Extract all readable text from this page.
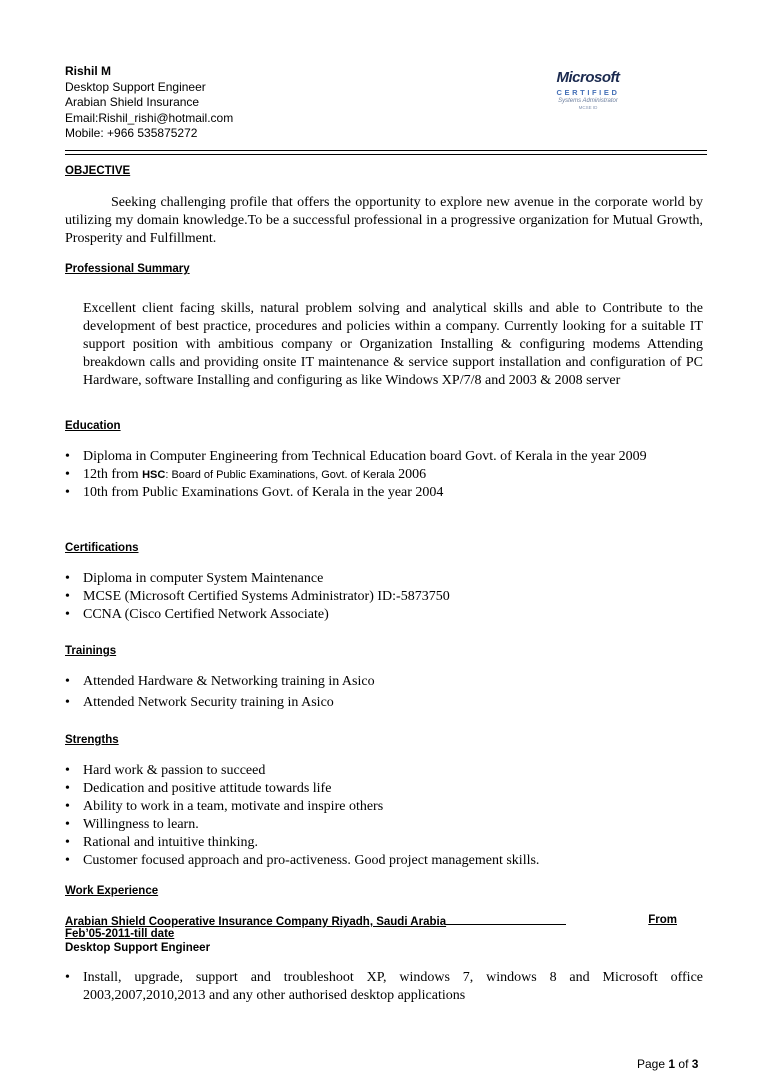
Rishil M
Desktop Support Engineer
Arabian Shield Insurance
Email:Rishil_rishi@hotmail.com
Mobile: +966 535875272
Microsoft
CERTIFIED
Systems Administrator
MCSE ID
OBJECTIVE
Seeking challenging profile that offers the opportunity to explore new avenue in the corporate world by utilizing my domain knowledge.To be a successful professional in a progressive organization for Mutual Growth, Prosperity and Fulfillment.
Professional Summary
Excellent client facing skills, natural problem solving and analytical skills and able to Contribute to the development of best practice, procedures and policies within a company. Currently looking for a suitable IT support position with ambitious company or Organization Installing & configuring modems Attending breakdown calls and providing onsite IT maintenance & service support installation and configuration of PC Hardware, software Installing and configuring as like Windows XP/7/8 and 2003 & 2008 server
Education
• Diploma in Computer Engineering from Technical Education board Govt. of Kerala in the year 2009
• 12th from HSC: Board of Public Examinations, Govt. of Kerala 2006
• 10th from Public Examinations Govt. of Kerala in the year 2004
Certifications
• Diploma in computer System Maintenance
• MCSE (Microsoft Certified Systems Administrator) ID:-5873750
• CCNA (Cisco Certified Network Associate)
Trainings
• Attended Hardware & Networking training in Asico
• Attended Network Security training in Asico
Strengths
• Hard work & passion to succeed
• Dedication and positive attitude towards life
• Ability to work in a team, motivate and inspire others
• Willingness to learn.
• Rational and intuitive thinking.
• Customer focused approach and pro-activeness. Good project management skills.
Work Experience
Arabian Shield Cooperative Insurance Company Riyadh, Saudi Arabia	From
Feb’05-2011-till date
Desktop Support Engineer
• Install, upgrade, support and troubleshoot XP, windows 7, windows 8 and Microsoft office 2003,2007,2010,2013 and any other authorised desktop applications
Page 1 of 3
